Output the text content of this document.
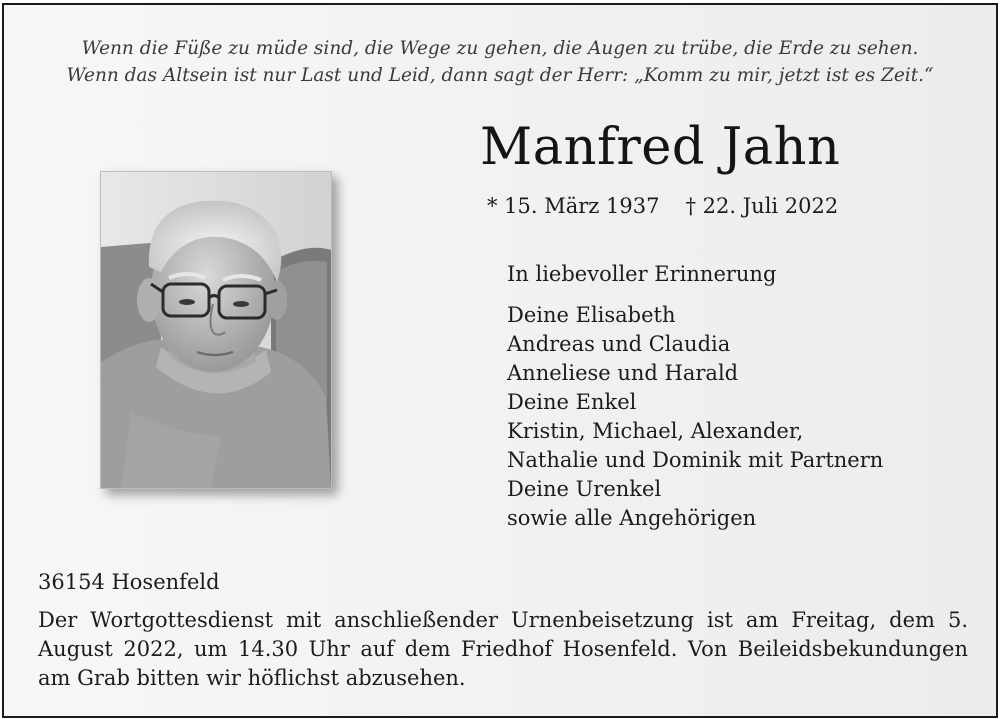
Wenn die Füße zu müde sind, die Wege zu gehen, die Augen zu trübe, die Erde zu sehen.
Wenn das Altsein ist nur Last und Leid, dann sagt der Herr: „Komm zu mir, jetzt ist es Zeit.“
Manfred Jahn
* 15. März 1937 † 22. Juli 2022
In liebevoller Erinnerung
Deine Elisabeth
Andreas und Claudia
Anneliese und Harald
Deine Enkel
Kristin, Michael, Alexander,
Nathalie und Dominik mit Partnern
Deine Urenkel
sowie alle Angehörigen
36154 Hosenfeld
Der Wortgottesdienst mit anschließender Urnenbeisetzung ist am Freitag, dem 5. August 2022, um 14.30 Uhr auf dem Friedhof Hosenfeld. Von Beileidsbekundungen am Grab bitten wir höflichst abzusehen.
